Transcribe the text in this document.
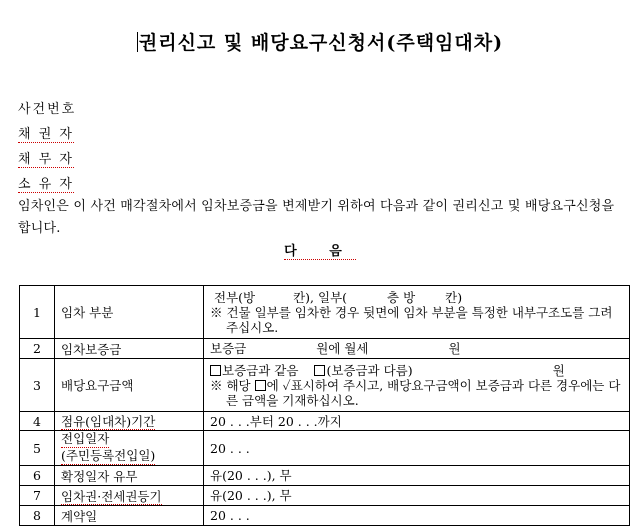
권리신고 및 배당요구신청서(주택임대차)
사건번호
채 권 자
채 무 자
소 유 자
임차인은 이 사건 매각절차에서 임차보증금을 변제받기 위하여 다음과 같이 권리신고 및 배당요구신청을 합니다.
다 음
1	임차 부분	전부(방 칸), 일부( 층 방 칸)
※ 건물 일부를 임차한 경우 뒷면에 임차 부분을 특정한 내부구조도를 그려 주십시오.

2	임차보증금	보증금 원에 월세 원
3	배당요구금액	보증금과 같음 (보증금과 다름) 원
※ 해당 에 ✓표시하여 주시고, 배당요구금액이 보증금과 다른 경우에는 다른 금액을 기재하십시오.

4	점유(임대차)기간	20 . . .부터 20 . . .까지
5	전입일자
(주민등록전입일)	20 . . .
6	확정일자 유무	유(20 . . .), 무
7	임차권·전세권등기	유(20 . . .), 무
8	계약일	20 . . .
